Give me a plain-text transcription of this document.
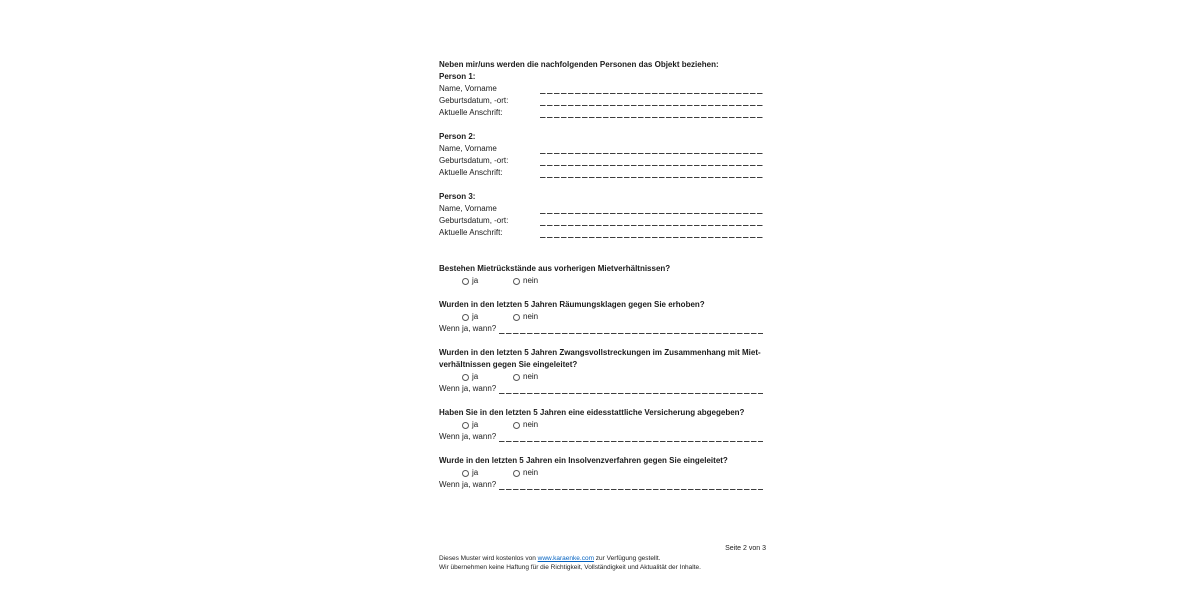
Neben mir/uns werden die nachfolgenden Personen das Objekt beziehen:
Person 1:
Name, Vorname
Geburtsdatum, -ort:
Aktuelle Anschrift:
Person 2:
Name, Vorname
Geburtsdatum, -ort:
Aktuelle Anschrift:
Person 3:
Name, Vorname
Geburtsdatum, -ort:
Aktuelle Anschrift:
Bestehen Mietrückstände aus vorherigen Mietverhältnissen?
ja	nein
Wurden in den letzten 5 Jahren Räumungsklagen gegen Sie erhoben?
ja	nein
Wenn ja, wann?
Wurden in den letzten 5 Jahren Zwangsvollstreckungen im Zusammenhang mit Miet-
verhältnissen gegen Sie eingeleitet?
ja	nein
Wenn ja, wann?
Haben Sie in den letzten 5 Jahren eine eidesstattliche Versicherung abgegeben?
ja	nein
Wenn ja, wann?
Wurde in den letzten 5 Jahren ein Insolvenzverfahren gegen Sie eingeleitet?
ja	nein
Wenn ja, wann?
Seite 2 von 3
Dieses Muster wird kostenlos von www.karaenke.com zur Verfügung gestellt.
Wir übernehmen keine Haftung für die Richtigkeit, Vollständigkeit und Aktualität der Inhalte.
